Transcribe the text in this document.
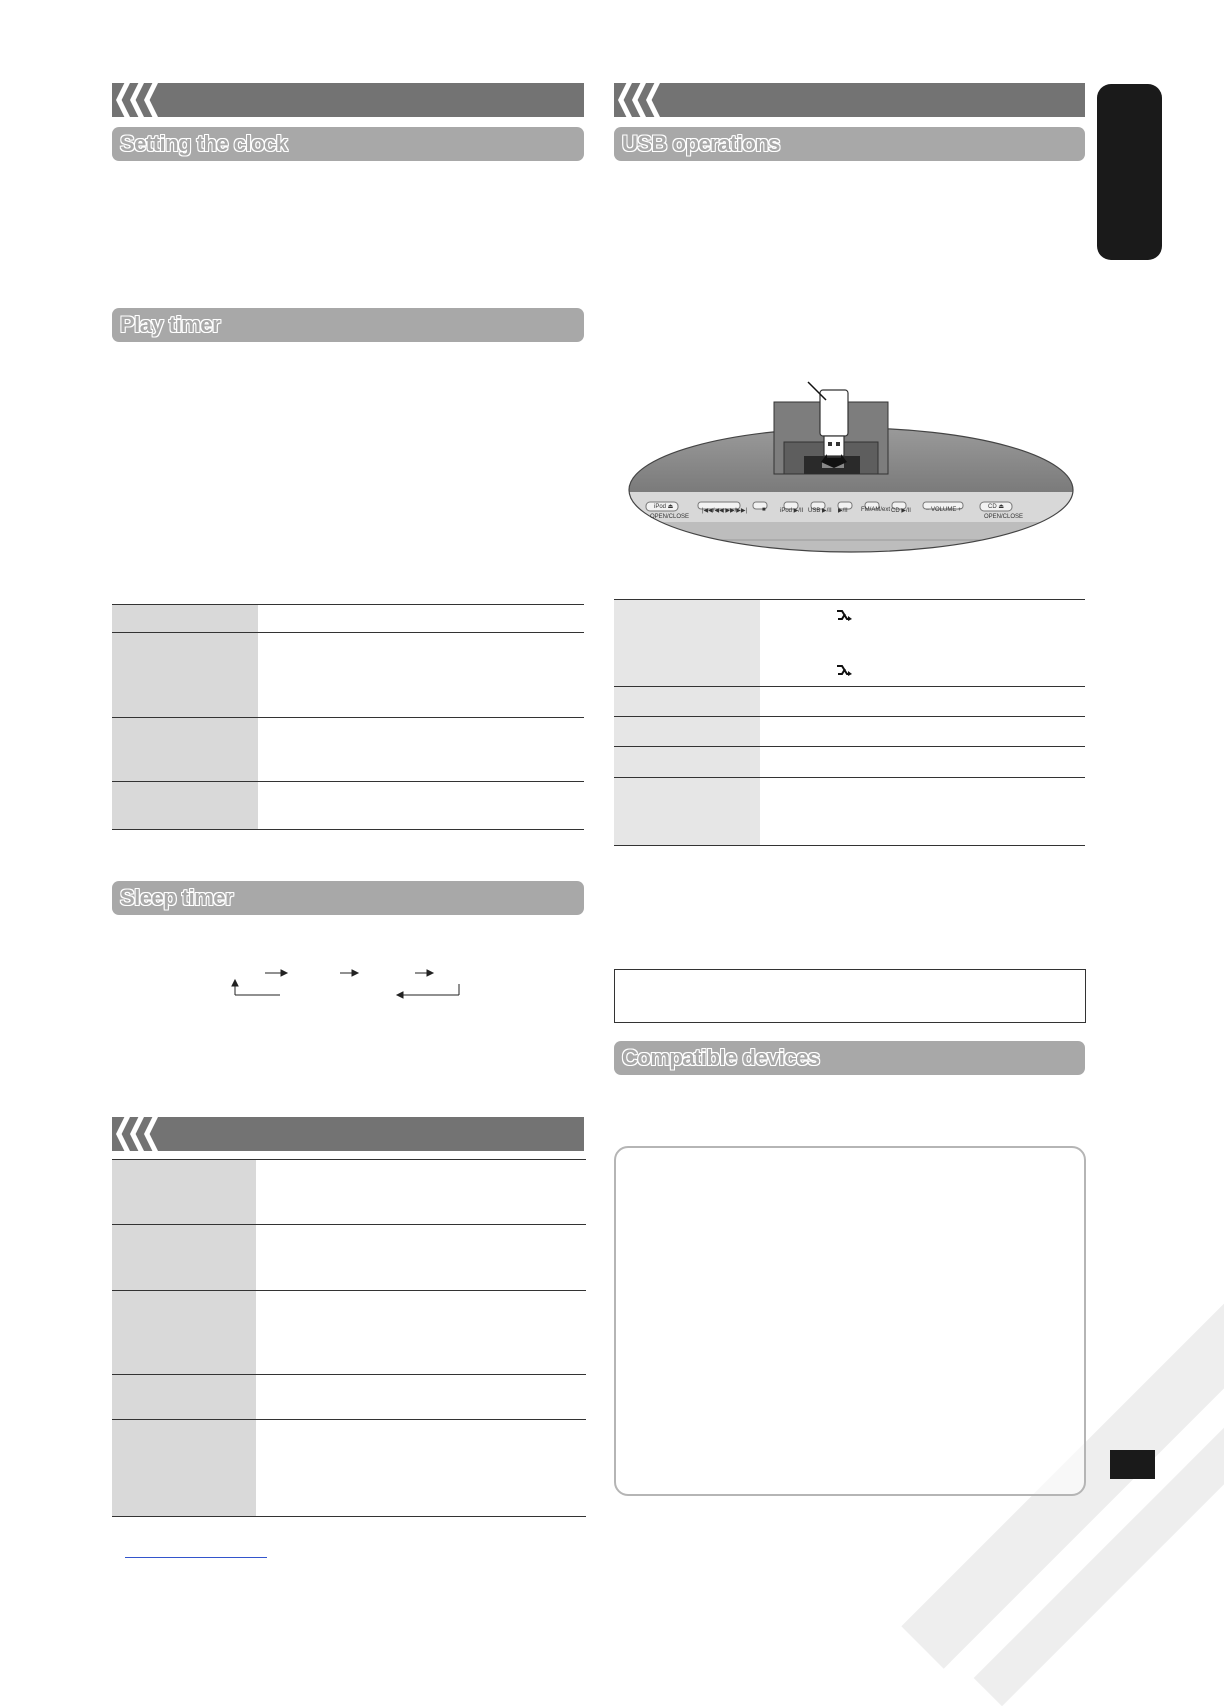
Setting the clock
Play timer
Sleep timer
USB operations
iPod ⏏
OPEN/CLOSE
|◀◀/◀◀ ▶▶/▶▶| ■ iPod ▶/II USB ▶/II ▶/II FM/AM/ext CD ▶/II	– VOLUME +	CD ⏏
OPEN/CLOSE
Compatible devices
